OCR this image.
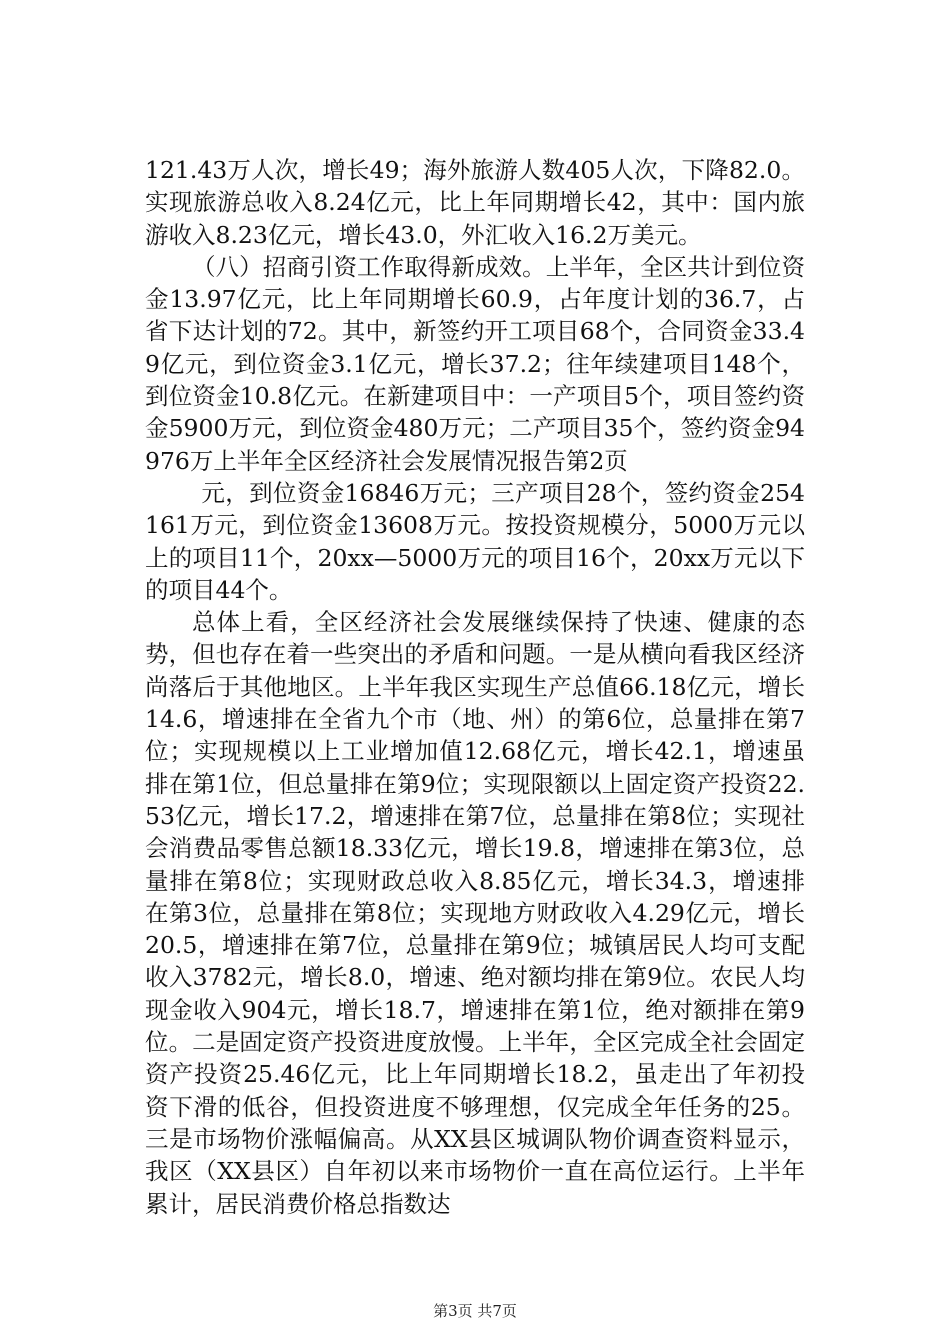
121.43万人次，增长49；海外旅游人数405人次，下降82.0。实现旅游总收入8.24亿元，比上年同期增长42，其中：国内旅游收入8.23亿元，增长43.0，外汇收入16.2万美元。

（八）招商引资工作取得新成效。上半年，全区共计到位资金13.97亿元，比上年同期增长60.9，占年度计划的36.7，占省下达计划的72。其中，新签约开工项目68个，合同资金33.49亿元，到位资金3.1亿元，增长37.2；往年续建项目148个，到位资金10.8亿元。在新建项目中：一产项目5个，项目签约资金5900万元，到位资金480万元；二产项目35个，签约资金94976万上半年全区经济社会发展情况报告第2页

元，到位资金16846万元；三产项目28个，签约资金254161万元，到位资金13608万元。按投资规模分，5000万元以上的项目11个，20xx—5000万元的项目16个，20xx万元以下的项目44个。

总体上看，全区经济社会发展继续保持了快速、健康的态势，但也存在着一些突出的矛盾和问题。一是从横向看我区经济尚落后于其他地区。上半年我区实现生产总值66.18亿元，增长14.6，增速排在全省九个市（地、州）的第6位，总量排在第7位；实现规模以上工业增加值12.68亿元，增长42.1，增速虽排在第1位，但总量排在第9位；实现限额以上固定资产投资22.53亿元，增长17.2，增速排在第7位，总量排在第8位；实现社会消费品零售总额18.33亿元，增长19.8，增速排在第3位，总量排在第8位；实现财政总收入8.85亿元，增长34.3，增速排在第3位，总量排在第8位；实现地方财政收入4.29亿元，增长20.5，增速排在第7位，总量排在第9位；城镇居民人均可支配收入3782元，增长8.0，增速、绝对额均排在第9位。农民人均现金收入904元，增长18.7，增速排在第1位，绝对额排在第9位。二是固定资产投资进度放慢。上半年，全区完成全社会固定资产投资25.46亿元，比上年同期增长18.2，虽走出了年初投资下滑的低谷，但投资进度不够理想，仅完成全年任务的25。三是市场物价涨幅偏高。从XX县区城调队物价调查资料显示，我区（XX县区）自年初以来市场物价一直在高位运行。上半年累计，居民消费价格总指数达

第3页 共7页
